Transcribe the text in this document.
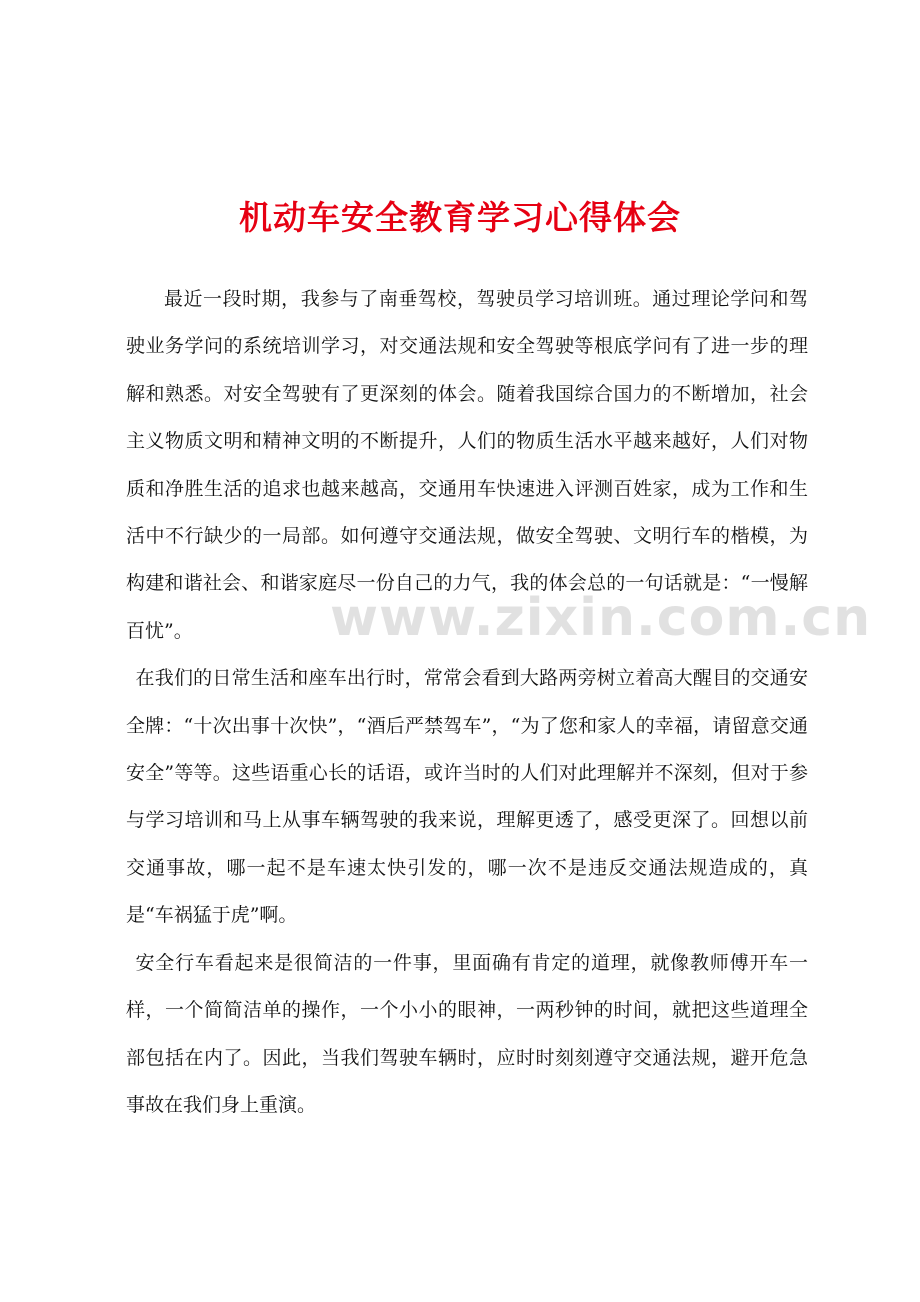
机动车安全教育学习心得体会

最近一段时期，我参与了南垂驾校，驾驶员学习培训班。通过理论学问和驾驶业务学问的系统培训学习，对交通法规和安全驾驶等根底学问有了进一步的理解和熟悉。对安全驾驶有了更深刻的体会。随着我国综合国力的不断增加，社会主义物质文明和精神文明的不断提升，人们的物质生活水平越来越好，人们对物质和净胜生活的追求也越来越高，交通用车快速进入评测百姓家，成为工作和生活中不行缺少的一局部。如何遵守交通法规，做安全驾驶、文明行车的楷模，为构建和谐社会、和谐家庭尽一份自己的力气，我的体会总的一句话就是：“一慢解百忧”。

在我们的日常生活和座车出行时，常常会看到大路两旁树立着高大醒目的交通安全牌：“十次出事十次快”，“酒后严禁驾车”，“为了您和家人的幸福，请留意交通安全”等等。这些语重心长的话语，或许当时的人们对此理解并不深刻，但对于参与学习培训和马上从事车辆驾驶的我来说，理解更透了，感受更深了。回想以前交通事故，哪一起不是车速太快引发的，哪一次不是违反交通法规造成的，真是“车祸猛于虎”啊。

安全行车看起来是很简洁的一件事，里面确有肯定的道理，就像教师傅开车一样，一个简简洁单的操作，一个小小的眼神，一两秒钟的时间，就把这些道理全部包括在内了。因此，当我们驾驶车辆时，应时时刻刻遵守交通法规，避开危急事故在我们身上重演。

www.zixin.com.cn
